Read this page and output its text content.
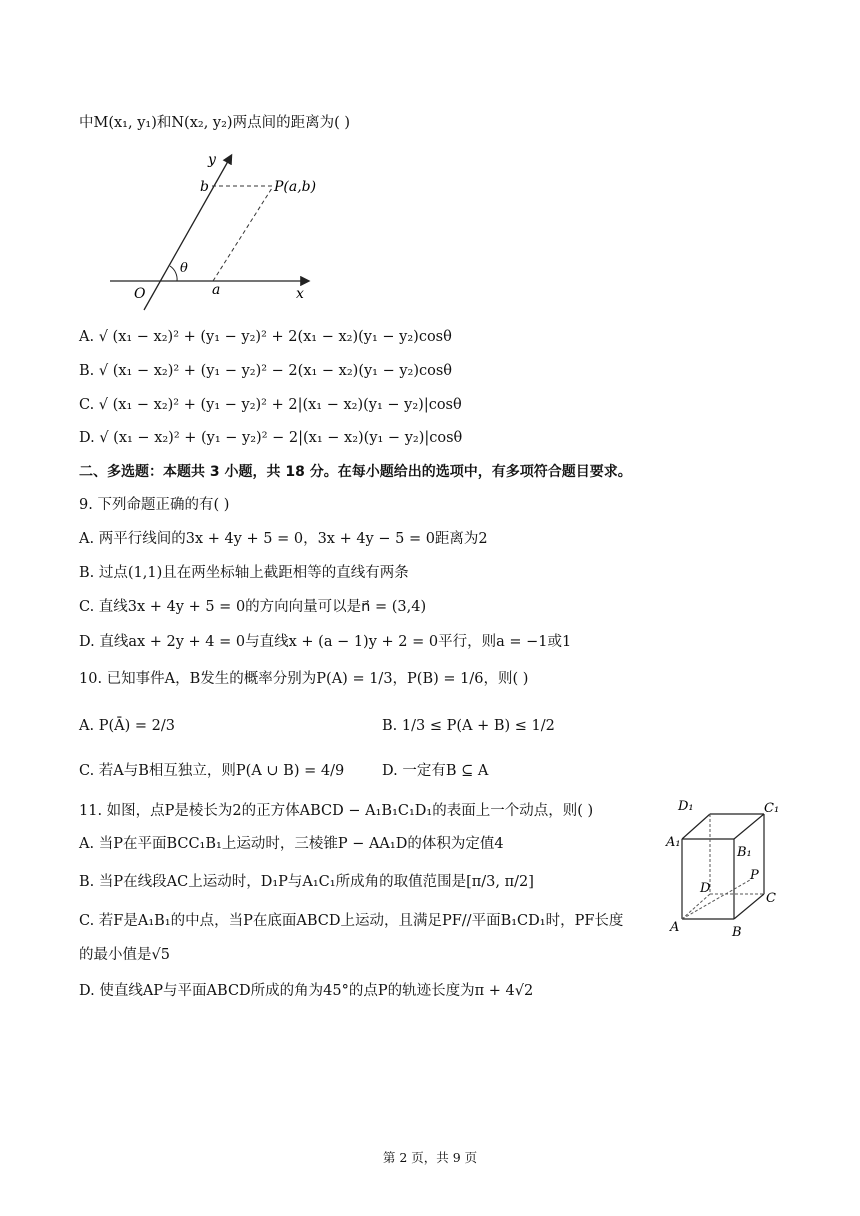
中M(x₁, y₁)和N(x₂, y₂)两点间的距离为( )
y
b	P(a,b)
θ
O	a	x
A. √ (x₁ − x₂)² + (y₁ − y₂)² + 2(x₁ − x₂)(y₁ − y₂)cosθ
B. √ (x₁ − x₂)² + (y₁ − y₂)² − 2(x₁ − x₂)(y₁ − y₂)cosθ
C. √ (x₁ − x₂)² + (y₁ − y₂)² + 2|(x₁ − x₂)(y₁ − y₂)|cosθ
D. √ (x₁ − x₂)² + (y₁ − y₂)² − 2|(x₁ − x₂)(y₁ − y₂)|cosθ
二、多选题：本题共 3 小题，共 18 分。在每小题给出的选项中，有多项符合题目要求。
9. 下列命题正确的有( )
A. 两平行线间的3x + 4y + 5 = 0，3x + 4y − 5 = 0距离为2
B. 过点(1,1)且在两坐标轴上截距相等的直线有两条
C. 直线3x + 4y + 5 = 0的方向向量可以是n⃗ = (3,4)
D. 直线ax + 2y + 4 = 0与直线x + (a − 1)y + 2 = 0平行，则a = −1或1
10. 已知事件A，B发生的概率分别为P(A) = 1/3，P(B) = 1/6，则( )
A. P(Ā) = 2/3	B. 1/3 ≤ P(A + B) ≤ 1/2
C. 若A与B相互独立，则P(A ∪ B) = 4/9	D. 一定有B ⊆ A
11. 如图，点P是棱长为2的正方体ABCD − A₁B₁C₁D₁的表面上一个动点，则( )
A. 当P在平面BCC₁B₁上运动时，三棱锥P − AA₁D的体积为定值4
B. 当P在线段AC上运动时，D₁P与A₁C₁所成角的取值范围是[π/3, π/2]
C. 若F是A₁B₁的中点，当P在底面ABCD上运动，且满足PF//平面B₁CD₁时，PF长度
的最小值是√5
D. 使直线AP与平面ABCD所成的角为45°的点P的轨迹长度为π + 4√2
D₁	C₁
A₁
B₁
D
P
C
A	B
第 2 页，共 9 页
